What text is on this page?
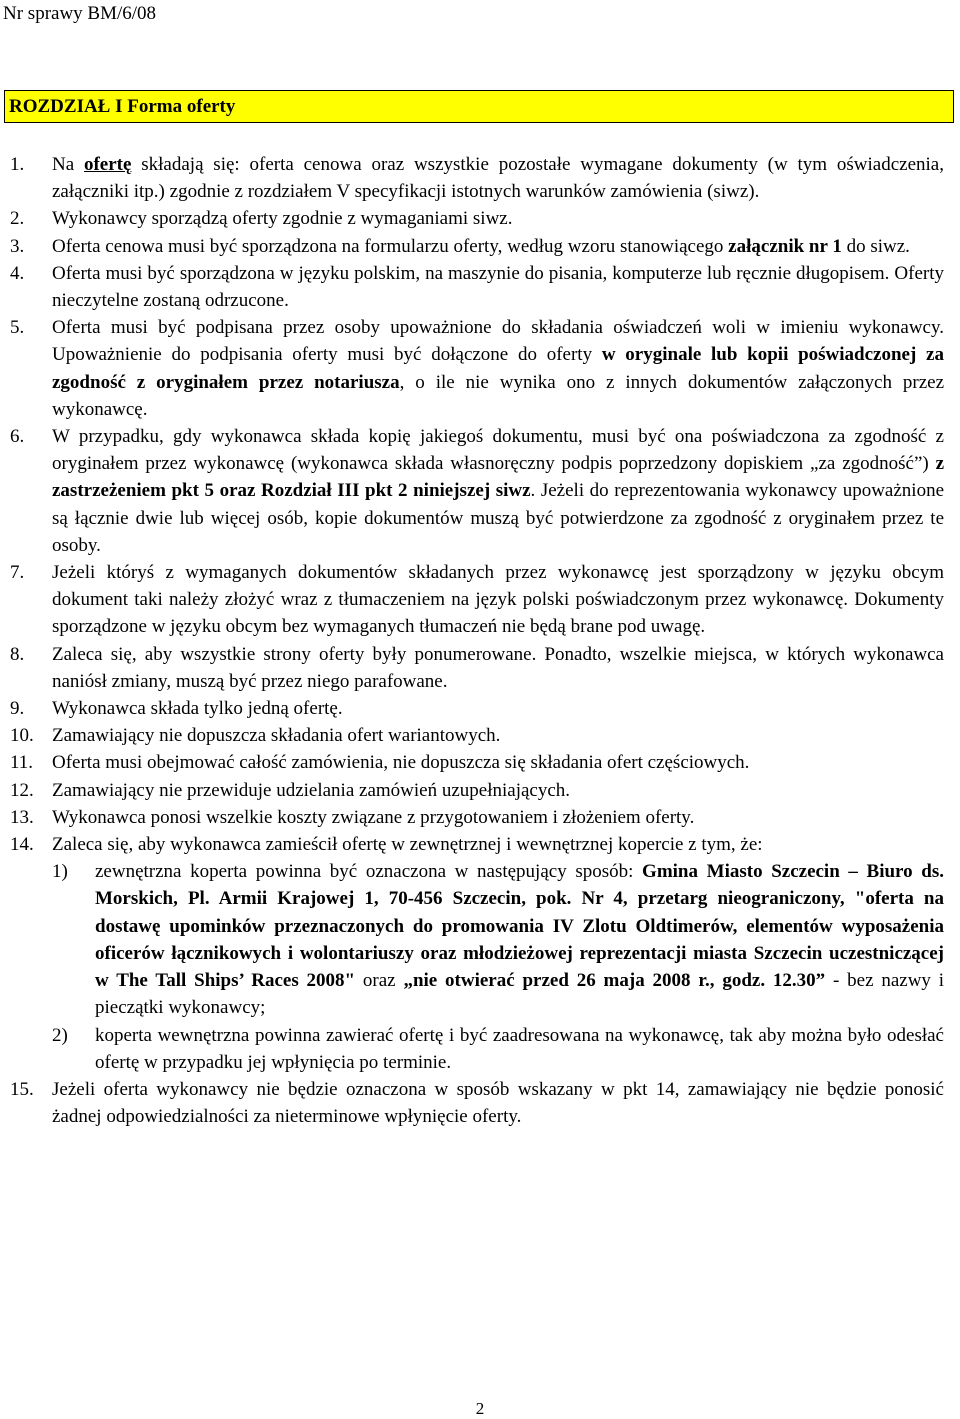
Nr sprawy BM/6/08
ROZDZIAŁ I Forma oferty
1.	Na ofertę składają się: oferta cenowa oraz wszystkie pozostałe wymagane dokumenty (w tym oświadczenia, załączniki itp.) zgodnie z rozdziałem V specyfikacji istotnych warunków zamówienia (siwz).
2.	Wykonawcy sporządzą oferty zgodnie z wymaganiami siwz.
3.	Oferta cenowa musi być sporządzona na formularzu oferty, według wzoru stanowiącego załącznik nr 1 do siwz.
4.	Oferta musi być sporządzona w języku polskim, na maszynie do pisania, komputerze lub ręcznie długopisem. Oferty nieczytelne zostaną odrzucone.
5.	Oferta musi być podpisana przez osoby upoważnione do składania oświadczeń woli w imieniu wykonawcy. Upoważnienie do podpisania oferty musi być dołączone do oferty w oryginale lub kopii poświadczonej za zgodność z oryginałem przez notariusza, o ile nie wynika ono z innych dokumentów załączonych przez wykonawcę.
6.	W przypadku, gdy wykonawca składa kopię jakiegoś dokumentu, musi być ona poświadczona za zgodność z oryginałem przez wykonawcę (wykonawca składa własnoręczny podpis poprzedzony dopiskiem „za zgodność”) z zastrzeżeniem pkt 5 oraz Rozdział III pkt 2 niniejszej siwz. Jeżeli do reprezentowania wykonawcy upoważnione są łącznie dwie lub więcej osób, kopie dokumentów muszą być potwierdzone za zgodność z oryginałem przez te osoby.
7.	Jeżeli któryś z wymaganych dokumentów składanych przez wykonawcę jest sporządzony w języku obcym dokument taki należy złożyć wraz z tłumaczeniem na język polski poświadczonym przez wykonawcę. Dokumenty sporządzone w języku obcym bez wymaganych tłumaczeń nie będą brane pod uwagę.
8.	Zaleca się, aby wszystkie strony oferty były ponumerowane. Ponadto, wszelkie miejsca, w których wykonawca naniósł zmiany, muszą być przez niego parafowane.
9.	Wykonawca składa tylko jedną ofertę.
10. Zamawiający nie dopuszcza składania ofert wariantowych.
11. Oferta musi obejmować całość zamówienia, nie dopuszcza się składania ofert częściowych.
12. Zamawiający nie przewiduje udzielania zamówień uzupełniających.
13. Wykonawca ponosi wszelkie koszty związane z przygotowaniem i złożeniem oferty.
14. Zaleca się, aby wykonawca zamieścił ofertę w zewnętrznej i wewnętrznej kopercie z tym, że:
1)	zewnętrzna koperta powinna być oznaczona w następujący sposób: Gmina Miasto Szczecin – Biuro ds. Morskich, Pl. Armii Krajowej 1, 70-456 Szczecin, pok. Nr 4, przetarg nieograniczony, "oferta na dostawę upominków przeznaczonych do promowania IV Zlotu Oldtimerów, elementów wyposażenia oficerów łącznikowych i wolontariuszy oraz młodzieżowej reprezentacji miasta Szczecin uczestniczącej w The Tall Ships’ Races 2008" oraz „nie otwierać przed 26 maja 2008 r., godz. 12.30” - bez nazwy i pieczątki wykonawcy;
2)	koperta wewnętrzna powinna zawierać ofertę i być zaadresowana na wykonawcę, tak aby można było odesłać ofertę w przypadku jej wpłynięcia po terminie.
15. Jeżeli oferta wykonawcy nie będzie oznaczona w sposób wskazany w pkt 14, zamawiający nie będzie ponosić żadnej odpowiedzialności za nieterminowe wpłynięcie oferty.
2
